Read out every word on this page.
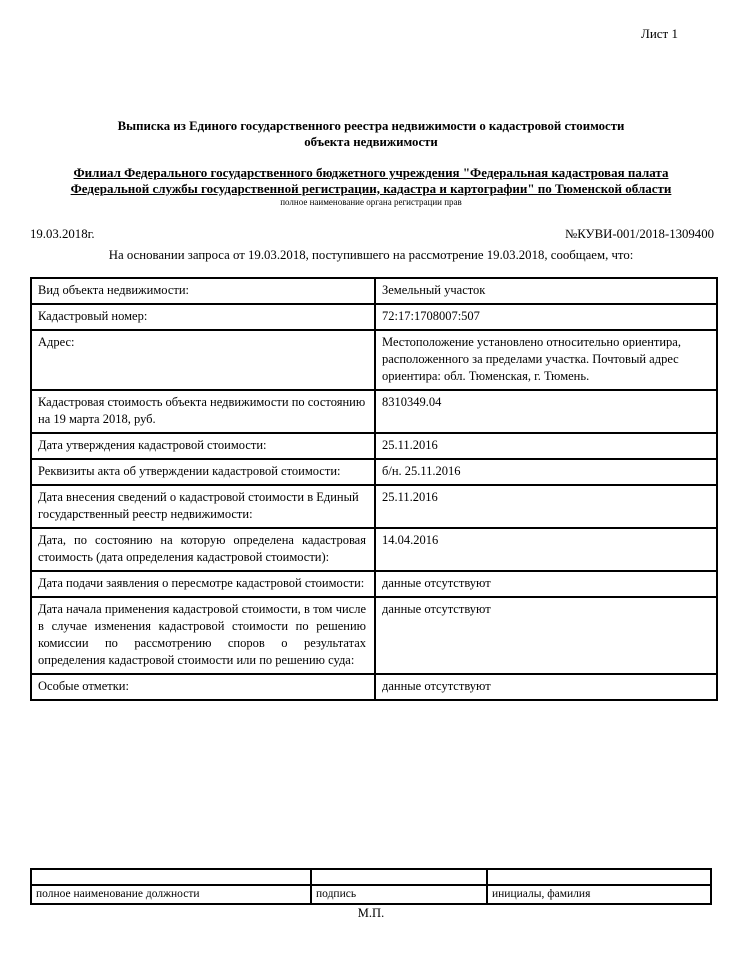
Лист 1
Выписка из Единого государственного реестра недвижимости о кадастровой стоимости
объекта недвижимости
Филиал Федерального государственного бюджетного учреждения "Федеральная кадастровая палата Федеральной службы государственной регистрации, кадастра и картографии" по Тюменской области
полное наименование органа регистрации прав
19.03.2018г.	№КУВИ-001/2018-1309400
На основании запроса от 19.03.2018, поступившего на рассмотрение 19.03.2018, сообщаем, что:
Вид объекта недвижимости:	Земельный участок
Кадастровый номер:	72:17:1708007:507
Адрес:	Местоположение установлено относительно ориентира, расположенного за пределами участка. Почтовый адрес ориентира: обл. Тюменская, г. Тюмень.
Кадастровая стоимость объекта недвижимости по состоянию на 19 марта 2018, руб.	8310349.04
Дата утверждения кадастровой стоимости:	25.11.2016
Реквизиты акта об утверждении кадастровой стоимости:	б/н. 25.11.2016
Дата внесения сведений о кадастровой стоимости в Единый государственный реестр недвижимости:	25.11.2016
Дата, по состоянию на которую определена кадастровая стоимость (дата определения кадастровой стоимости):	14.04.2016
Дата подачи заявления о пересмотре кадастровой стоимости:	данные отсутствуют
Дата начала применения кадастровой стоимости, в том числе в случае изменения кадастровой стоимости по решению комиссии по рассмотрению споров о результатах определения кадастровой стоимости или по решению суда:	данные отсутствуют
Особые отметки:	данные отсутствуют

полное наименование должности	подпись	инициалы, фамилия
М.П.
